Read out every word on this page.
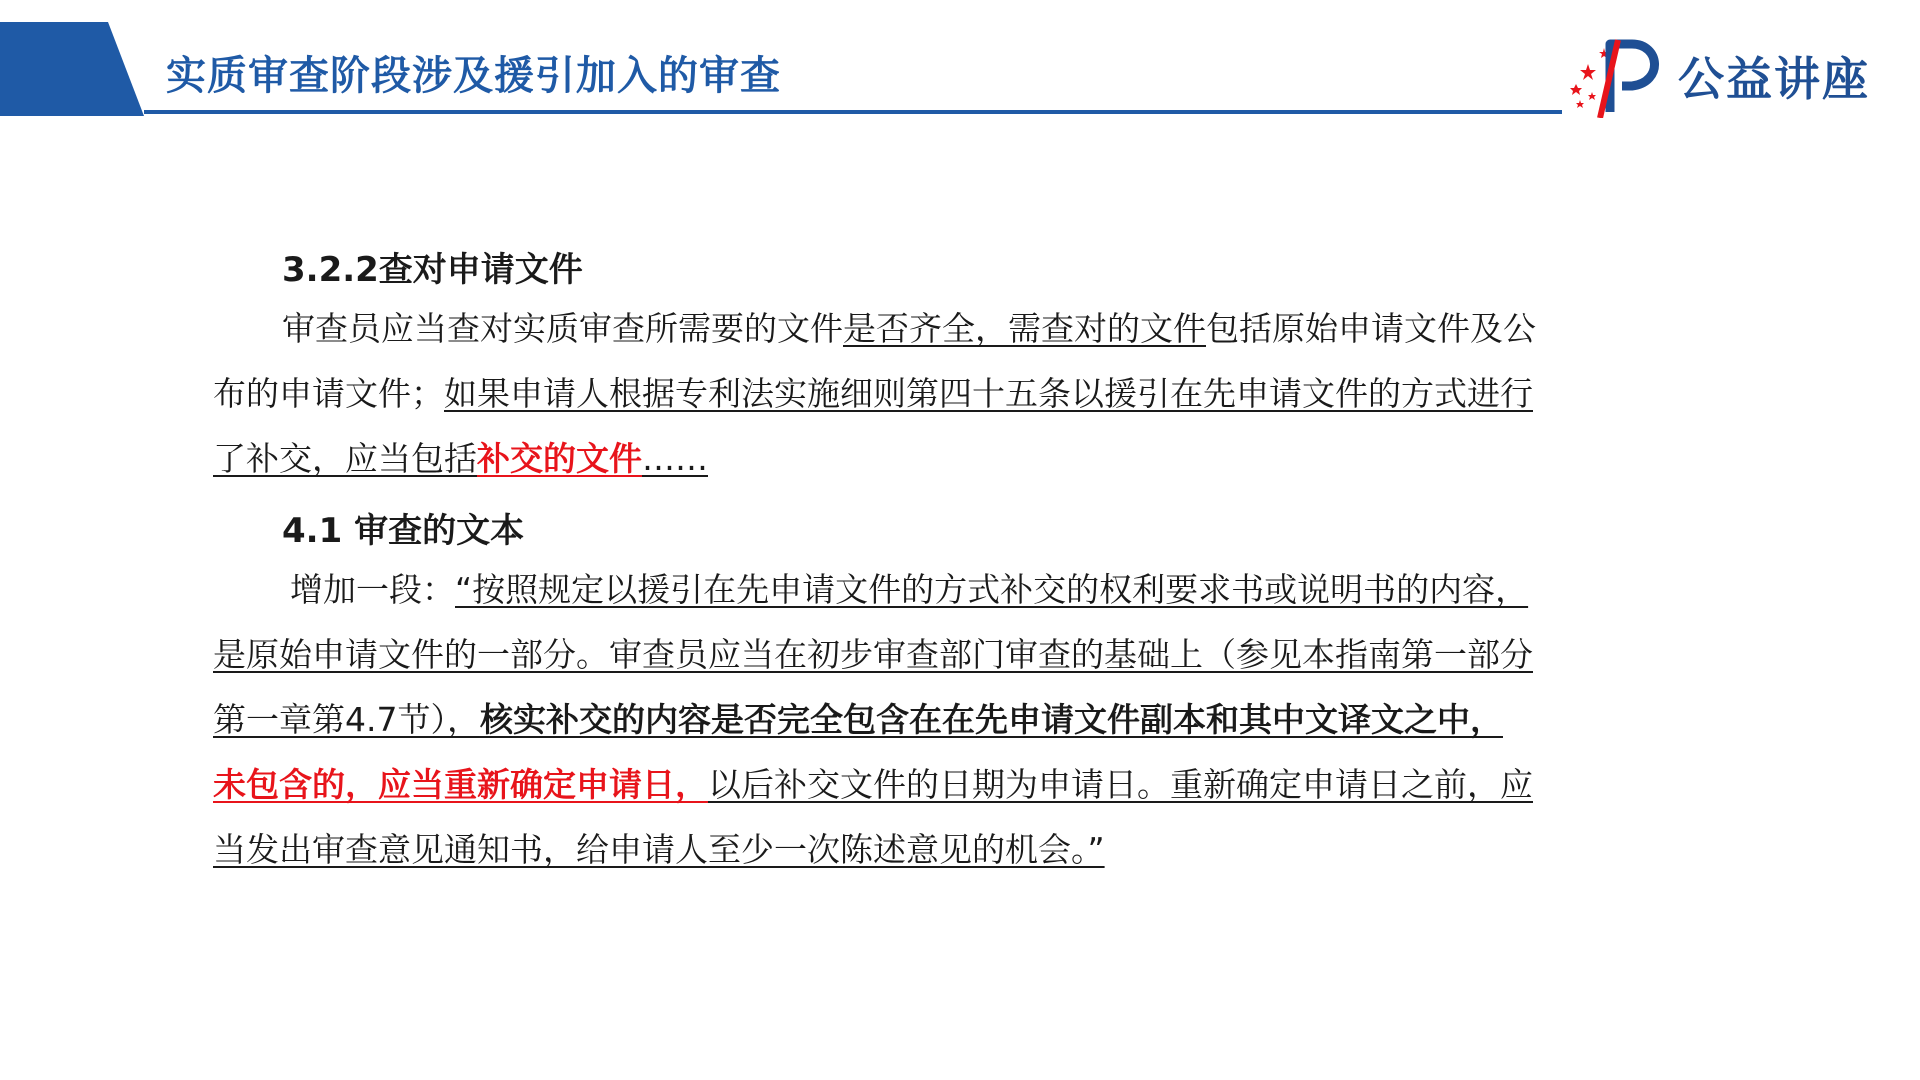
实质审查阶段涉及援引加入的审查	公益讲座
3.2.2查对申请文件
审查员应当查对实质审查所需要的文件是否齐全，需查对的文件包括原始申请文件及公
布的申请文件；如果申请人根据专利法实施细则第四十五条以援引在先申请文件的方式进行
了补交，应当包括补交的文件……
4.1 审查的文本
增加一段：“按照规定以援引在先申请文件的方式补交的权利要求书或说明书的内容，
是原始申请文件的一部分。审查员应当在初步审查部门审查的基础上（参见本指南第一部分
第一章第4.7节），核实补交的内容是否完全包含在在先申请文件副本和其中文译文之中，
未包含的，应当重新确定申请日，以后补交文件的日期为申请日。重新确定申请日之前，应
当发出审查意见通知书，给申请人至少一次陈述意见的机会。”
